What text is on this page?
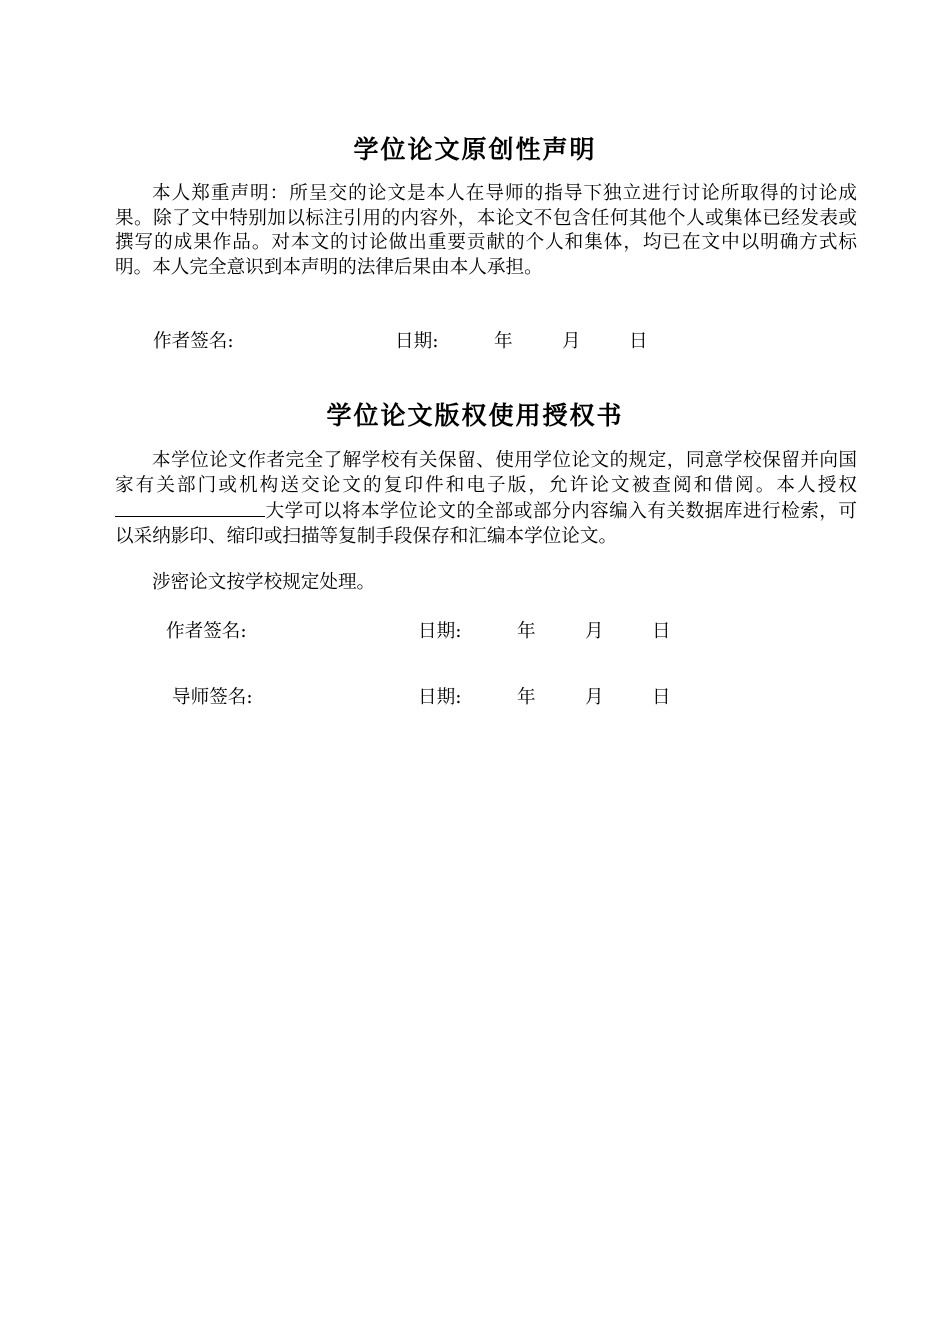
学位论文原创性声明

本人郑重声明：所呈交的论文是本人在导师的指导下独立进行讨论所取得的讨论成果。除了文中特别加以标注引用的内容外，本论文不包含任何其他个人或集体已经发表或撰写的成果作品。对本文的讨论做出重要贡献的个人和集体，均已在文中以明确方式标明。本人完全意识到本声明的法律后果由本人承担。

作者签名:	日期:	年	月	日
学位论文版权使用授权书

本学位论文作者完全了解学校有关保留、使用学位论文的规定，同意学校保留并向国家有关部门或机构送交论文的复印件和电子版，允许论文被查阅和借阅。本人授权大学可以将本学位论文的全部或部分内容编入有关数据库进行检索，可以采纳影印、缩印或扫描等复制手段保存和汇编本学位论文。

涉密论文按学校规定处理。

作者签名:	日期:	年	月	日
导师签名:	日期:	年	月	日
